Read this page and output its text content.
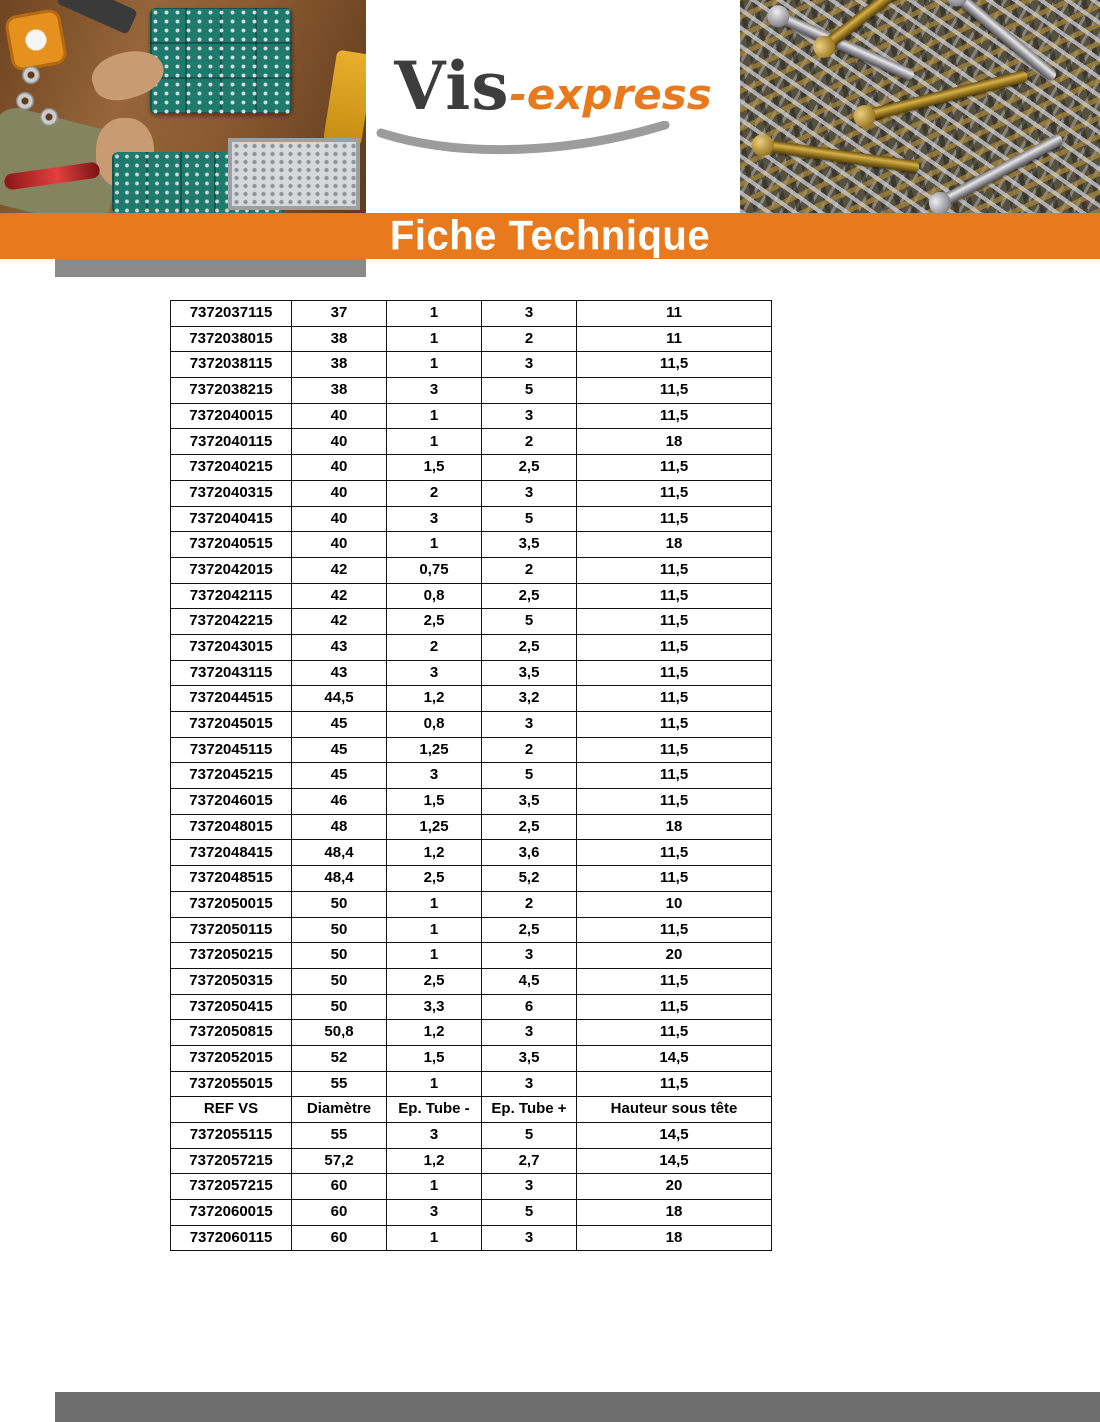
Vis -express
Fiche Technique
7372037115	37	1	3	11
7372038015	38	1	2	11
7372038115	38	1	3	11,5
7372038215	38	3	5	11,5
7372040015	40	1	3	11,5
7372040115	40	1	2	18
7372040215	40	1,5	2,5	11,5
7372040315	40	2	3	11,5
7372040415	40	3	5	11,5
7372040515	40	1	3,5	18
7372042015	42	0,75	2	11,5
7372042115	42	0,8	2,5	11,5
7372042215	42	2,5	5	11,5
7372043015	43	2	2,5	11,5
7372043115	43	3	3,5	11,5
7372044515	44,5	1,2	3,2	11,5
7372045015	45	0,8	3	11,5
7372045115	45	1,25	2	11,5
7372045215	45	3	5	11,5
7372046015	46	1,5	3,5	11,5
7372048015	48	1,25	2,5	18
7372048415	48,4	1,2	3,6	11,5
7372048515	48,4	2,5	5,2	11,5
7372050015	50	1	2	10
7372050115	50	1	2,5	11,5
7372050215	50	1	3	20
7372050315	50	2,5	4,5	11,5
7372050415	50	3,3	6	11,5
7372050815	50,8	1,2	3	11,5
7372052015	52	1,5	3,5	14,5
7372055015	55	1	3	11,5
REF VS	Diamètre	Ep. Tube -	Ep. Tube +	Hauteur sous tête
7372055115	55	3	5	14,5
7372057215	57,2	1,2	2,7	14,5
7372057215	60	1	3	20
7372060015	60	3	5	18
7372060115	60	1	3	18
